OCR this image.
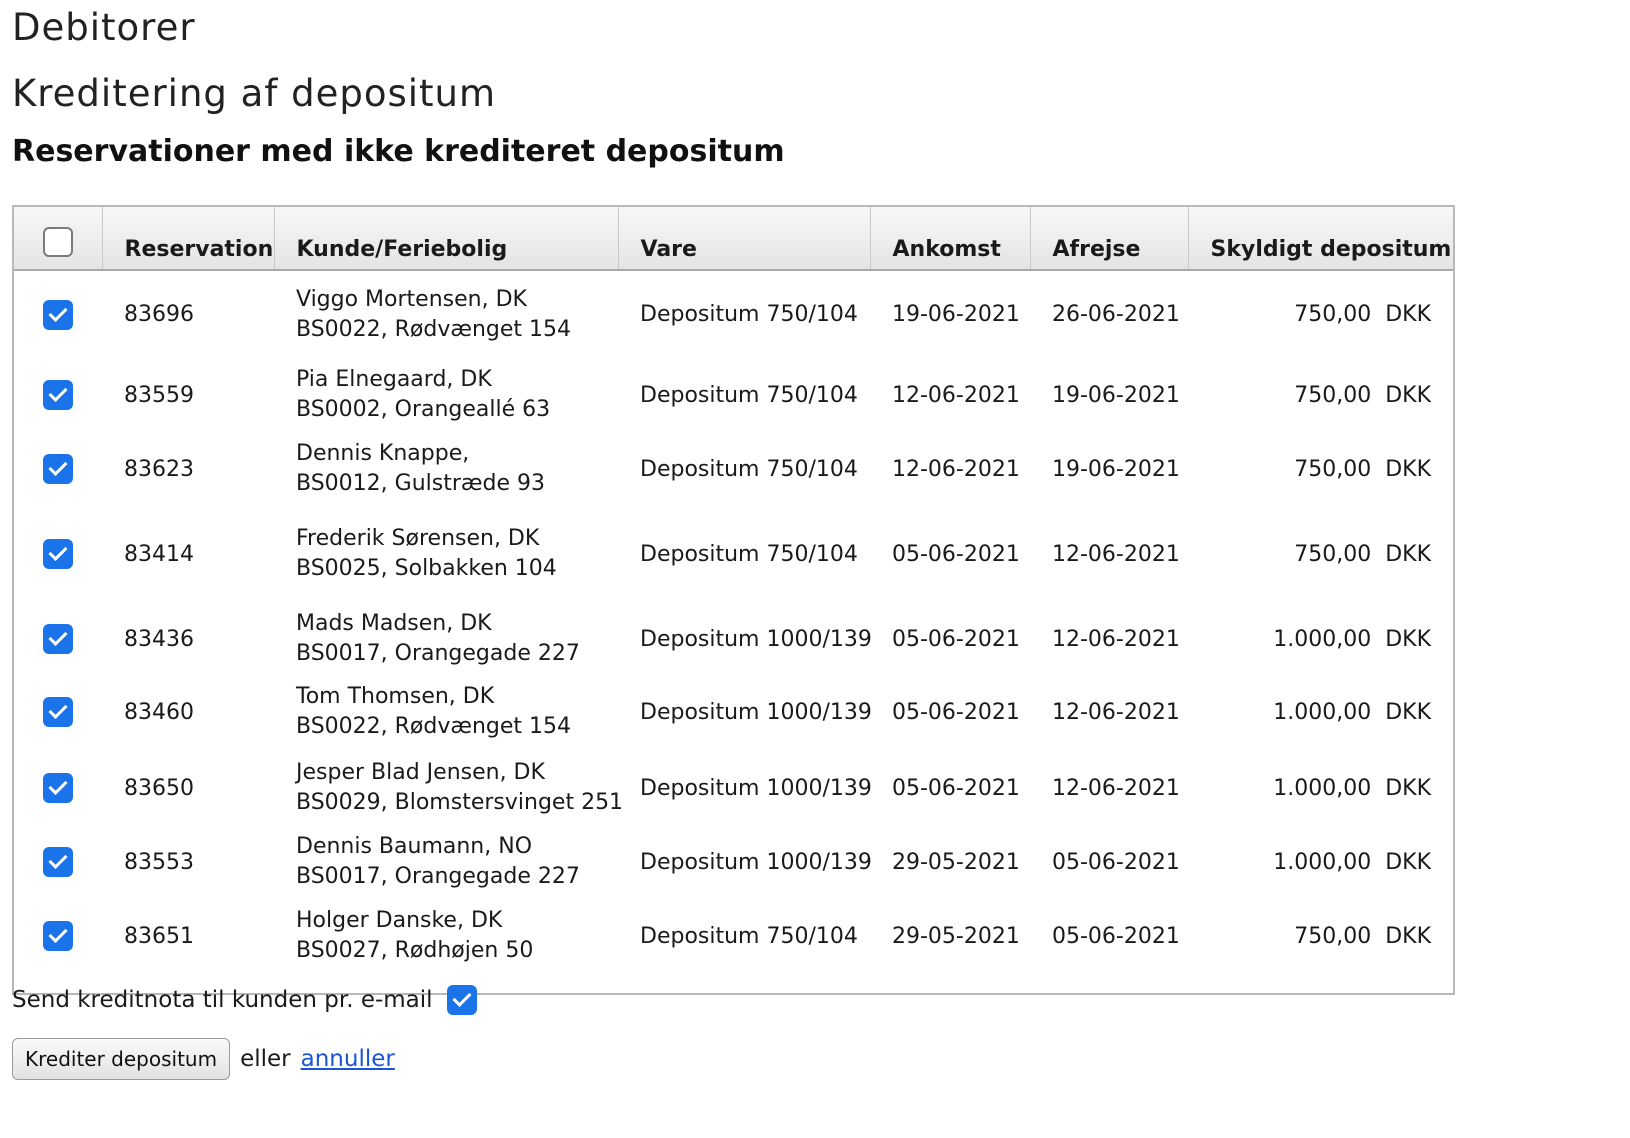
Debitorer
Kreditering af depositum
Reservationer med ikke krediteret depositum

	Reservation	Kunde/Feriebolig	Vare	Ankomst	Afrejse	Skyldigt depositum

	83696	Viggo Mortensen, DK
BS0022, Rødvænget 154	Depositum 750/104	19-06-2021	26-06-2021	750,00 DKK
	83559	Pia Elnegaard, DK
BS0002, Orangeallé 63	Depositum 750/104	12-06-2021	19-06-2021	750,00 DKK
	83623	Dennis Knappe,
BS0012, Gulstræde 93	Depositum 750/104	12-06-2021	19-06-2021	750,00 DKK
	83414	Frederik Sørensen, DK
BS0025, Solbakken 104	Depositum 750/104	05-06-2021	12-06-2021	750,00 DKK
	83436	Mads Madsen, DK
BS0017, Orangegade 227	Depositum 1000/139	05-06-2021	12-06-2021	1.000,00 DKK
	83460	Tom Thomsen, DK
BS0022, Rødvænget 154	Depositum 1000/139	05-06-2021	12-06-2021	1.000,00 DKK
	83650	Jesper Blad Jensen, DK
BS0029, Blomstersvinget 251	Depositum 1000/139	05-06-2021	12-06-2021	1.000,00 DKK
	83553	Dennis Baumann, NO
BS0017, Orangegade 227	Depositum 1000/139	29-05-2021	05-06-2021	1.000,00 DKK
	83651	Holger Danske, DK
BS0027, Rødhøjen 50	Depositum 750/104	29-05-2021	05-06-2021	750,00 DKK
Send kreditnota til kunden pr. e-mail
Krediter depositum	eller annuller
